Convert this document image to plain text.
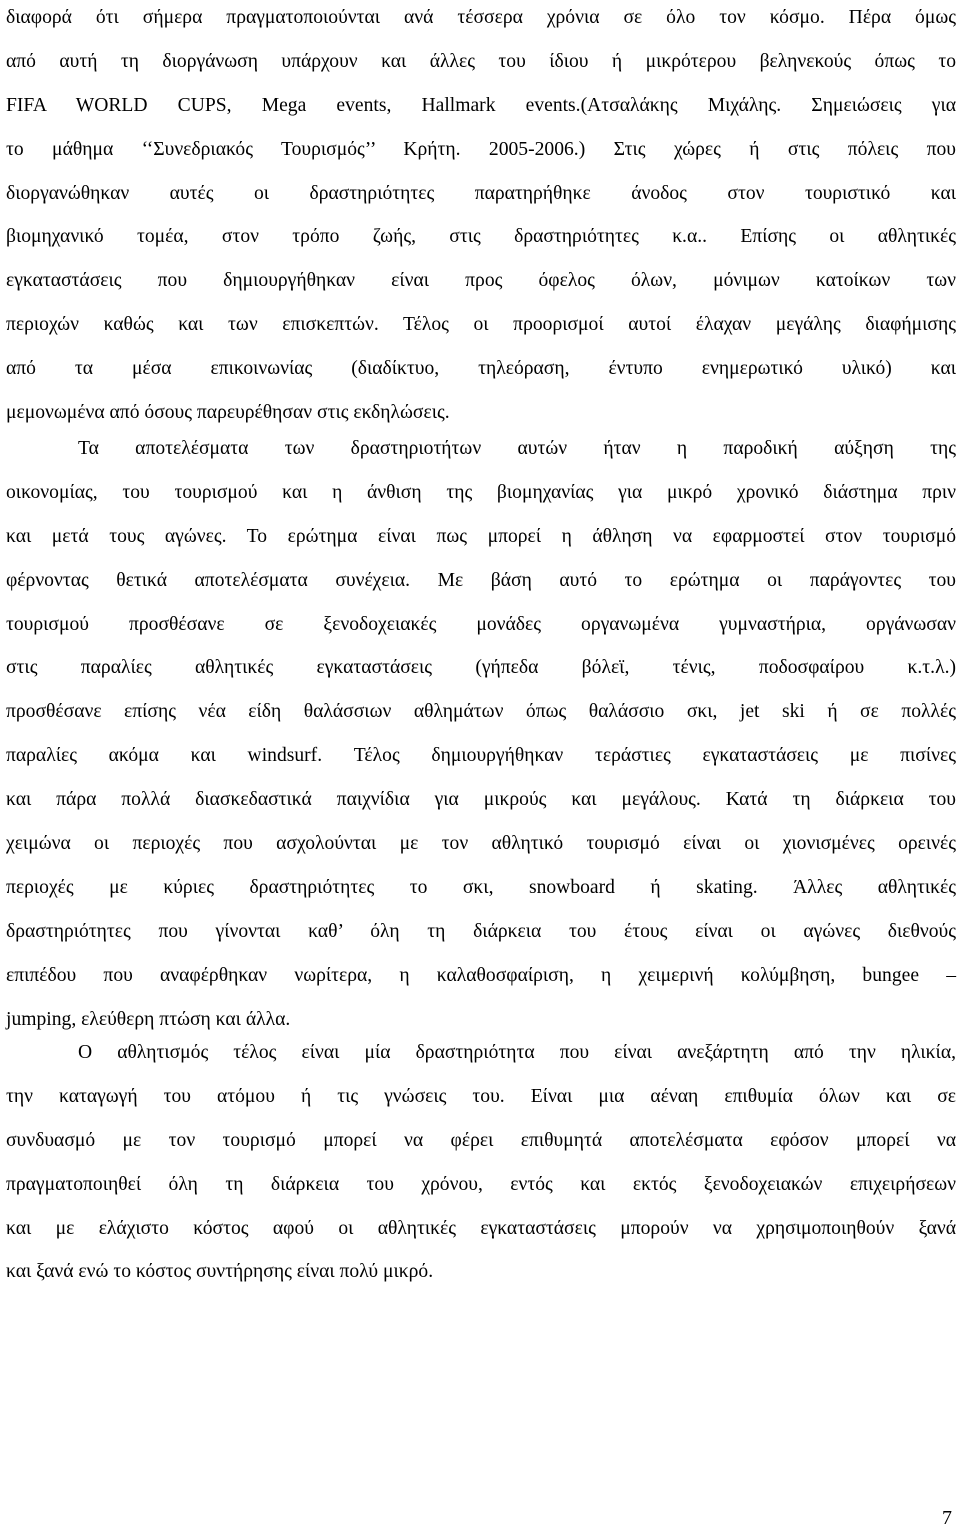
διαφορά ότι σήμερα πραγματοποιούνται ανά τέσσερα χρόνια σε όλο τον κόσμο. Πέρα όμως
από αυτή τη διοργάνωση υπάρχουν και άλλες του ίδιου ή μικρότερου βεληνεκούς όπως το
FIFA WORLD CUPS, Mega events, Hallmark events.(Ατσαλάκης Μιχάλης. Σημειώσεις για
το μάθημα ‘‘Συνεδριακός Τουρισμός’’ Κρήτη. 2005-2006.) Στις χώρες ή στις πόλεις που
διοργανώθηκαν αυτές οι δραστηριότητες παρατηρήθηκε άνοδος στον τουριστικό και
βιομηχανικό τομέα, στον τρόπο ζωής, στις δραστηριότητες κ.α.. Επίσης οι αθλητικές
εγκαταστάσεις που δημιουργήθηκαν είναι προς όφελος όλων, μόνιμων κατοίκων των
περιοχών καθώς και των επισκεπτών. Τέλος οι προορισμοί αυτοί έλαχαν μεγάλης διαφήμισης
από τα μέσα επικοινωνίας (διαδίκτυο, τηλεόραση, έντυπο ενημερωτικό υλικό) και
μεμονωμένα από όσους παρευρέθησαν στις εκδηλώσεις.
Τα αποτελέσματα των δραστηριοτήτων αυτών ήταν η παροδική αύξηση της
οικονομίας, του τουρισμού και η άνθιση της βιομηχανίας για μικρό χρονικό διάστημα πριν
και μετά τους αγώνες. Το ερώτημα είναι πως μπορεί η άθληση να εφαρμοστεί στον τουρισμό
φέρνοντας θετικά αποτελέσματα συνέχεια. Με βάση αυτό το ερώτημα οι παράγοντες του
τουρισμού προσθέσανε σε ξενοδοχειακές μονάδες οργανωμένα γυμναστήρια, οργάνωσαν
στις παραλίες αθλητικές εγκαταστάσεις (γήπεδα βόλεϊ, τένις, ποδοσφαίρου κ.τ.λ.)
προσθέσανε επίσης νέα είδη θαλάσσιων αθλημάτων όπως θαλάσσιο σκι, jet ski ή σε πολλές
παραλίες ακόμα και windsurf. Τέλος δημιουργήθηκαν τεράστιες εγκαταστάσεις με πισίνες
και πάρα πολλά διασκεδαστικά παιχνίδια για μικρούς και μεγάλους. Κατά τη διάρκεια του
χειμώνα οι περιοχές που ασχολούνται με τον αθλητικό τουρισμό είναι οι χιονισμένες ορεινές
περιοχές με κύριες δραστηριότητες το σκι, snowboard ή skating. Άλλες αθλητικές
δραστηριότητες που γίνονται καθ’ όλη τη διάρκεια του έτους είναι οι αγώνες διεθνούς
επιπέδου που αναφέρθηκαν νωρίτερα, η καλαθοσφαίριση, η χειμερινή κολύμβηση, bungee –
jumping, ελεύθερη πτώση και άλλα.
Ο αθλητισμός τέλος είναι μία δραστηριότητα που είναι ανεξάρτητη από την ηλικία,
την καταγωγή του ατόμου ή τις γνώσεις του. Είναι μια αέναη επιθυμία όλων και σε
συνδυασμό με τον τουρισμό μπορεί να φέρει επιθυμητά αποτελέσματα εφόσον μπορεί να
πραγματοποιηθεί όλη τη διάρκεια του χρόνου, εντός και εκτός ξενοδοχειακών επιχειρήσεων
και με ελάχιστο κόστος αφού οι αθλητικές εγκαταστάσεις μπορούν να χρησιμοποιηθούν ξανά
και ξανά ενώ το κόστος συντήρησης είναι πολύ μικρό.
7
